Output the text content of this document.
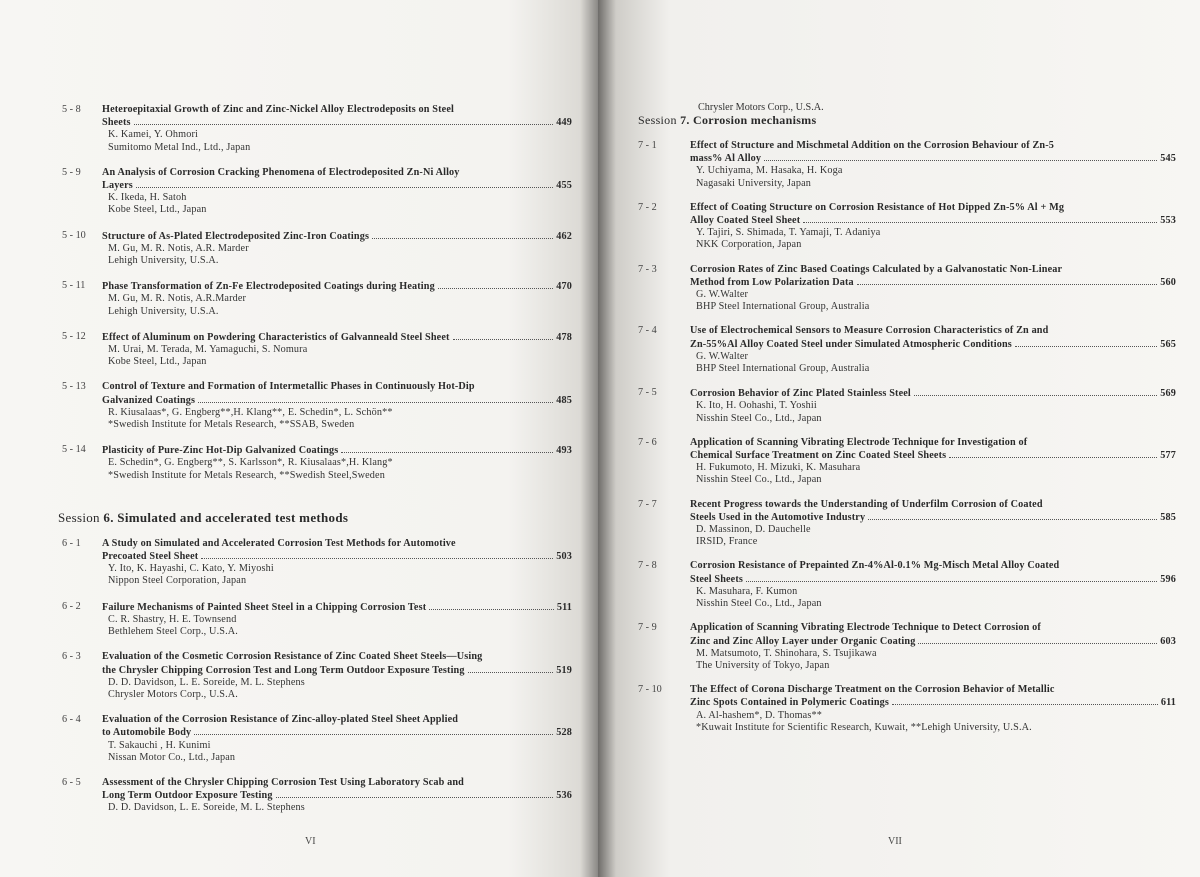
5 - 8	Heteroepitaxial Growth of Zinc and Zinc-Nickel Alloy Electrodeposits on Steel
Sheets	449
K. Kamei, Y. Ohmori
Sumitomo Metal Ind., Ltd., Japan
5 - 9	An Analysis of Corrosion Cracking Phenomena of Electrodeposited Zn-Ni Alloy
Layers	455
K. Ikeda, H. Satoh
Kobe Steel, Ltd., Japan
5 - 10	Structure of As-Plated Electrodeposited Zinc-Iron Coatings	462
M. Gu, M. R. Notis, A.R. Marder
Lehigh University, U.S.A.
5 - 11	Phase Transformation of Zn-Fe Electrodeposited Coatings during Heating	470
M. Gu, M. R. Notis, A.R.Marder
Lehigh University, U.S.A.
5 - 12	Effect of Aluminum on Powdering Characteristics of Galvanneald Steel Sheet	478
M. Urai, M. Terada, M. Yamaguchi, S. Nomura
Kobe Steel, Ltd., Japan
5 - 13	Control of Texture and Formation of Intermetallic Phases in Continuously Hot-Dip
Galvanized Coatings	485
R. Kiusalaas*, G. Engberg**,H. Klang**, E. Schedin*, L. Schön**
*Swedish Institute for Metals Research, **SSAB, Sweden
5 - 14	Plasticity of Pure-Zinc Hot-Dip Galvanized Coatings	493
E. Schedin*, G. Engberg**, S. Karlsson*, R. Kiusalaas*,H. Klang*
*Swedish Institute for Metals Research, **Swedish Steel,Sweden
Session 6. Simulated and accelerated test methods
6 - 1	A Study on Simulated and Accelerated Corrosion Test Methods for Automotive
Precoated Steel Sheet	503
Y. Ito, K. Hayashi, C. Kato, Y. Miyoshi
Nippon Steel Corporation, Japan
6 - 2	Failure Mechanisms of Painted Sheet Steel in a Chipping Corrosion Test	511
C. R. Shastry, H. E. Townsend
Bethlehem Steel Corp., U.S.A.
6 - 3	Evaluation of the Cosmetic Corrosion Resistance of Zinc Coated Sheet Steels—Using
the Chrysler Chipping Corrosion Test and Long Term Outdoor Exposure Testing	519
D. D. Davidson, L. E. Soreide, M. L. Stephens
Chrysler Motors Corp., U.S.A.
6 - 4	Evaluation of the Corrosion Resistance of Zinc-alloy-plated Steel Sheet Applied
to Automobile Body	528
T. Sakauchi , H. Kunimi
Nissan Motor Co., Ltd., Japan
6 - 5	Assessment of the Chrysler Chipping Corrosion Test Using Laboratory Scab and
Long Term Outdoor Exposure Testing	536
D. D. Davidson, L. E. Soreide, M. L. Stephens
VI
Chrysler Motors Corp., U.S.A.
Session 7. Corrosion mechanisms
7 - 1	Effect of Structure and Mischmetal Addition on the Corrosion Behaviour of Zn-5
mass% Al Alloy	545
Y. Uchiyama, M. Hasaka, H. Koga
Nagasaki University, Japan
7 - 2	Effect of Coating Structure on Corrosion Resistance of Hot Dipped Zn-5% Al + Mg
Alloy Coated Steel Sheet	553
Y. Tajiri, S. Shimada, T. Yamaji, T. Adaniya
NKK Corporation, Japan
7 - 3	Corrosion Rates of Zinc Based Coatings Calculated by a Galvanostatic Non-Linear
Method from Low Polarization Data	560
G. W.Walter
BHP Steel International Group, Australia
7 - 4	Use of Electrochemical Sensors to Measure Corrosion Characteristics of Zn and
Zn-55%Al Alloy Coated Steel under Simulated Atmospheric Conditions	565
G. W.Walter
BHP Steel International Group, Australia
7 - 5	Corrosion Behavior of Zinc Plated Stainless Steel	569
K. Ito, H. Oohashi, T. Yoshii
Nisshin Steel Co., Ltd., Japan
7 - 6	Application of Scanning Vibrating Electrode Technique for Investigation of
Chemical Surface Treatment on Zinc Coated Steel Sheets	577
H. Fukumoto, H. Mizuki, K. Masuhara
Nisshin Steel Co., Ltd., Japan
7 - 7	Recent Progress towards the Understanding of Underfilm Corrosion of Coated
Steels Used in the Automotive Industry	585
D. Massinon, D. Dauchelle
IRSID, France
7 - 8	Corrosion Resistance of Prepainted Zn-4%Al-0.1% Mg-Misch Metal Alloy Coated
Steel Sheets	596
K. Masuhara, F. Kumon
Nisshin Steel Co., Ltd., Japan
7 - 9	Application of Scanning Vibrating Electrode Technique to Detect Corrosion of
Zinc and Zinc Alloy Layer under Organic Coating	603
M. Matsumoto, T. Shinohara, S. Tsujikawa
The University of Tokyo, Japan
7 - 10	The Effect of Corona Discharge Treatment on the Corrosion Behavior of Metallic
Zinc Spots Contained in Polymeric Coatings	611
A. Al-hashem*, D. Thomas**
*Kuwait Institute for Scientific Research, Kuwait, **Lehigh University, U.S.A.
VII
